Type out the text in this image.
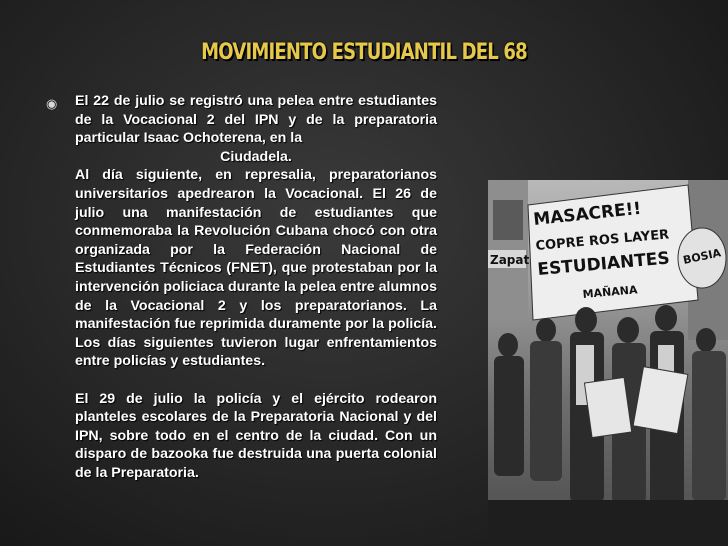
MOVIMIENTO ESTUDIANTIL DEL 68
◉ El 22 de julio se registró una pelea entre estudiantes de la Vocacional 2 del IPN y de la preparatoria particular Isaac Ochoterena, en la

Ciudadela.

Al día siguiente, en represalia, preparatorianos universitarios apedrearon la Vocacional. El 26 de julio una manifestación de estudiantes que conmemoraba la Revolución Cubana chocó con otra organizada por la Federación Nacional de Estudiantes Técnicos (FNET), que protestaban por la intervención policiaca durante la pelea entre alumnos de la Vocacional 2 y los preparatorianos. La manifestación fue reprimida duramente por la policía. Los días siguientes tuvieron lugar enfrentamientos entre policías y estudiantes.

El 29 de julio la policía y el ejército rodearon planteles escolares de la Preparatoria Nacional y del IPN, sobre todo en el centro de la ciudad. Con un disparo de bazooka fue destruida una puerta colonial de la Preparatoria.

Zapat
MASACRE!!
COPRE ROS LAYER
ESTUDIANTES
MAÑANA
BOSIA
